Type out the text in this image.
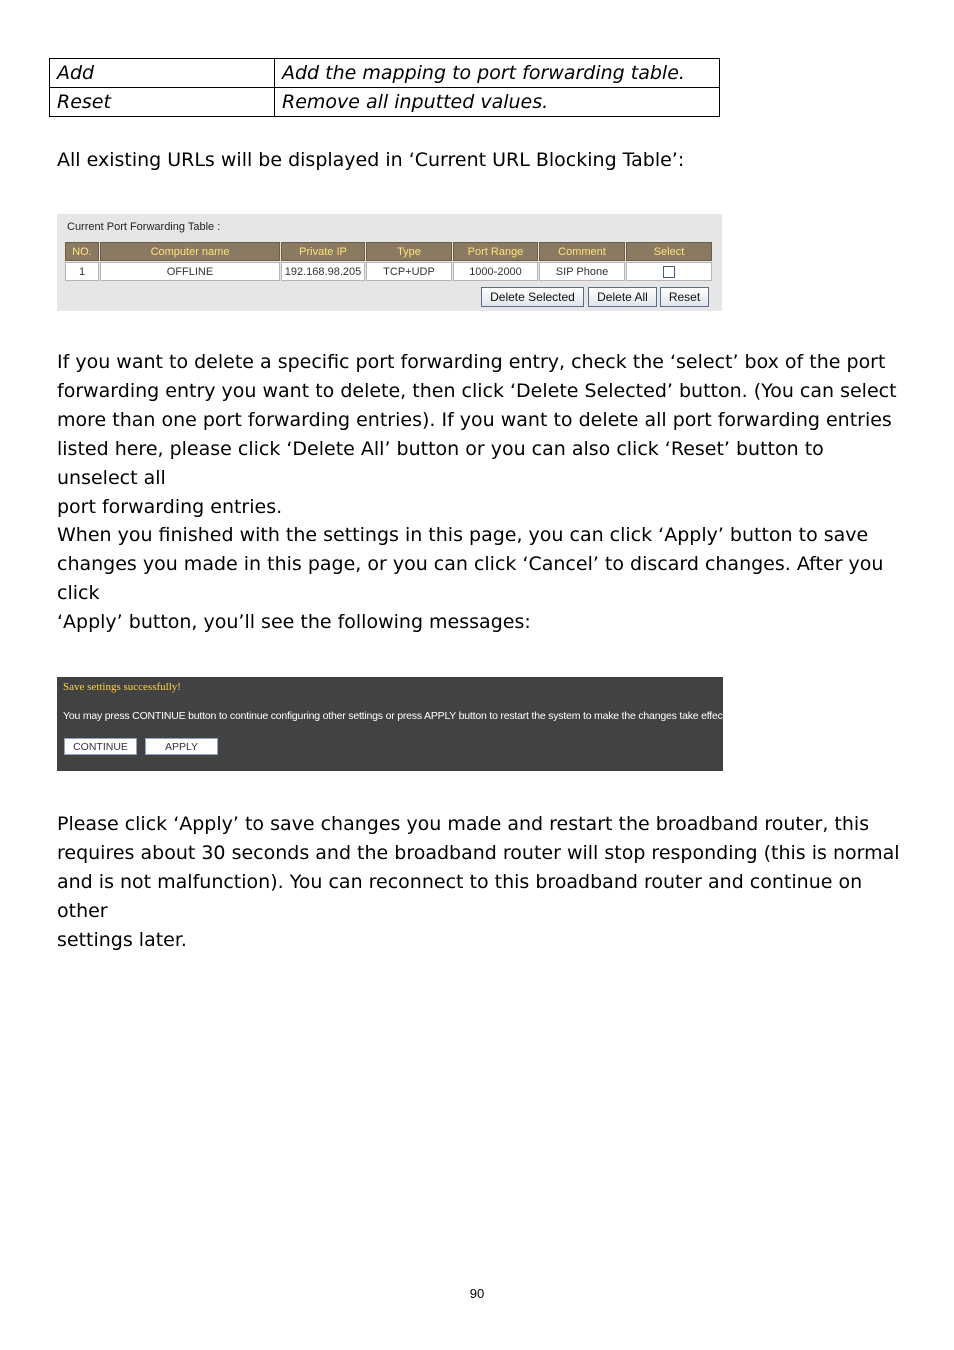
Add	Add the mapping to port forwarding table.
Reset	Remove all inputted values.

All existing URLs will be displayed in ‘Current URL Blocking Table’:

Current Port Forwarding Table :
NO.	Computer name	Private IP	Type	Port Range	Comment	Select
1	OFFLINE	192.168.98.205	TCP+UDP	1000-2000	SIP Phone	
Delete Selected	Delete All	Reset

If you want to delete a specific port forwarding entry, check the ‘select’ box of the port

forwarding entry you want to delete, then click ‘Delete Selected’ button. (You can select

more than one port forwarding entries). If you want to delete all port forwarding entries

listed here, please click ‘Delete All’ button or you can also click ‘Reset’ button to unselect all

port forwarding entries.

When you finished with the settings in this page, you can click ‘Apply’ button to save

changes you made in this page, or you can click ‘Cancel’ to discard changes. After you click

‘Apply’ button, you’ll see the following messages:

Save settings successfully!
You may press CONTINUE button to continue configuring other settings or press APPLY button to restart the system to make the changes take effect.
CONTINUE	APPLY

Please click ‘Apply’ to save changes you made and restart the broadband router, this

requires about 30 seconds and the broadband router will stop responding (this is normal

and is not malfunction). You can reconnect to this broadband router and continue on other

settings later.

90
